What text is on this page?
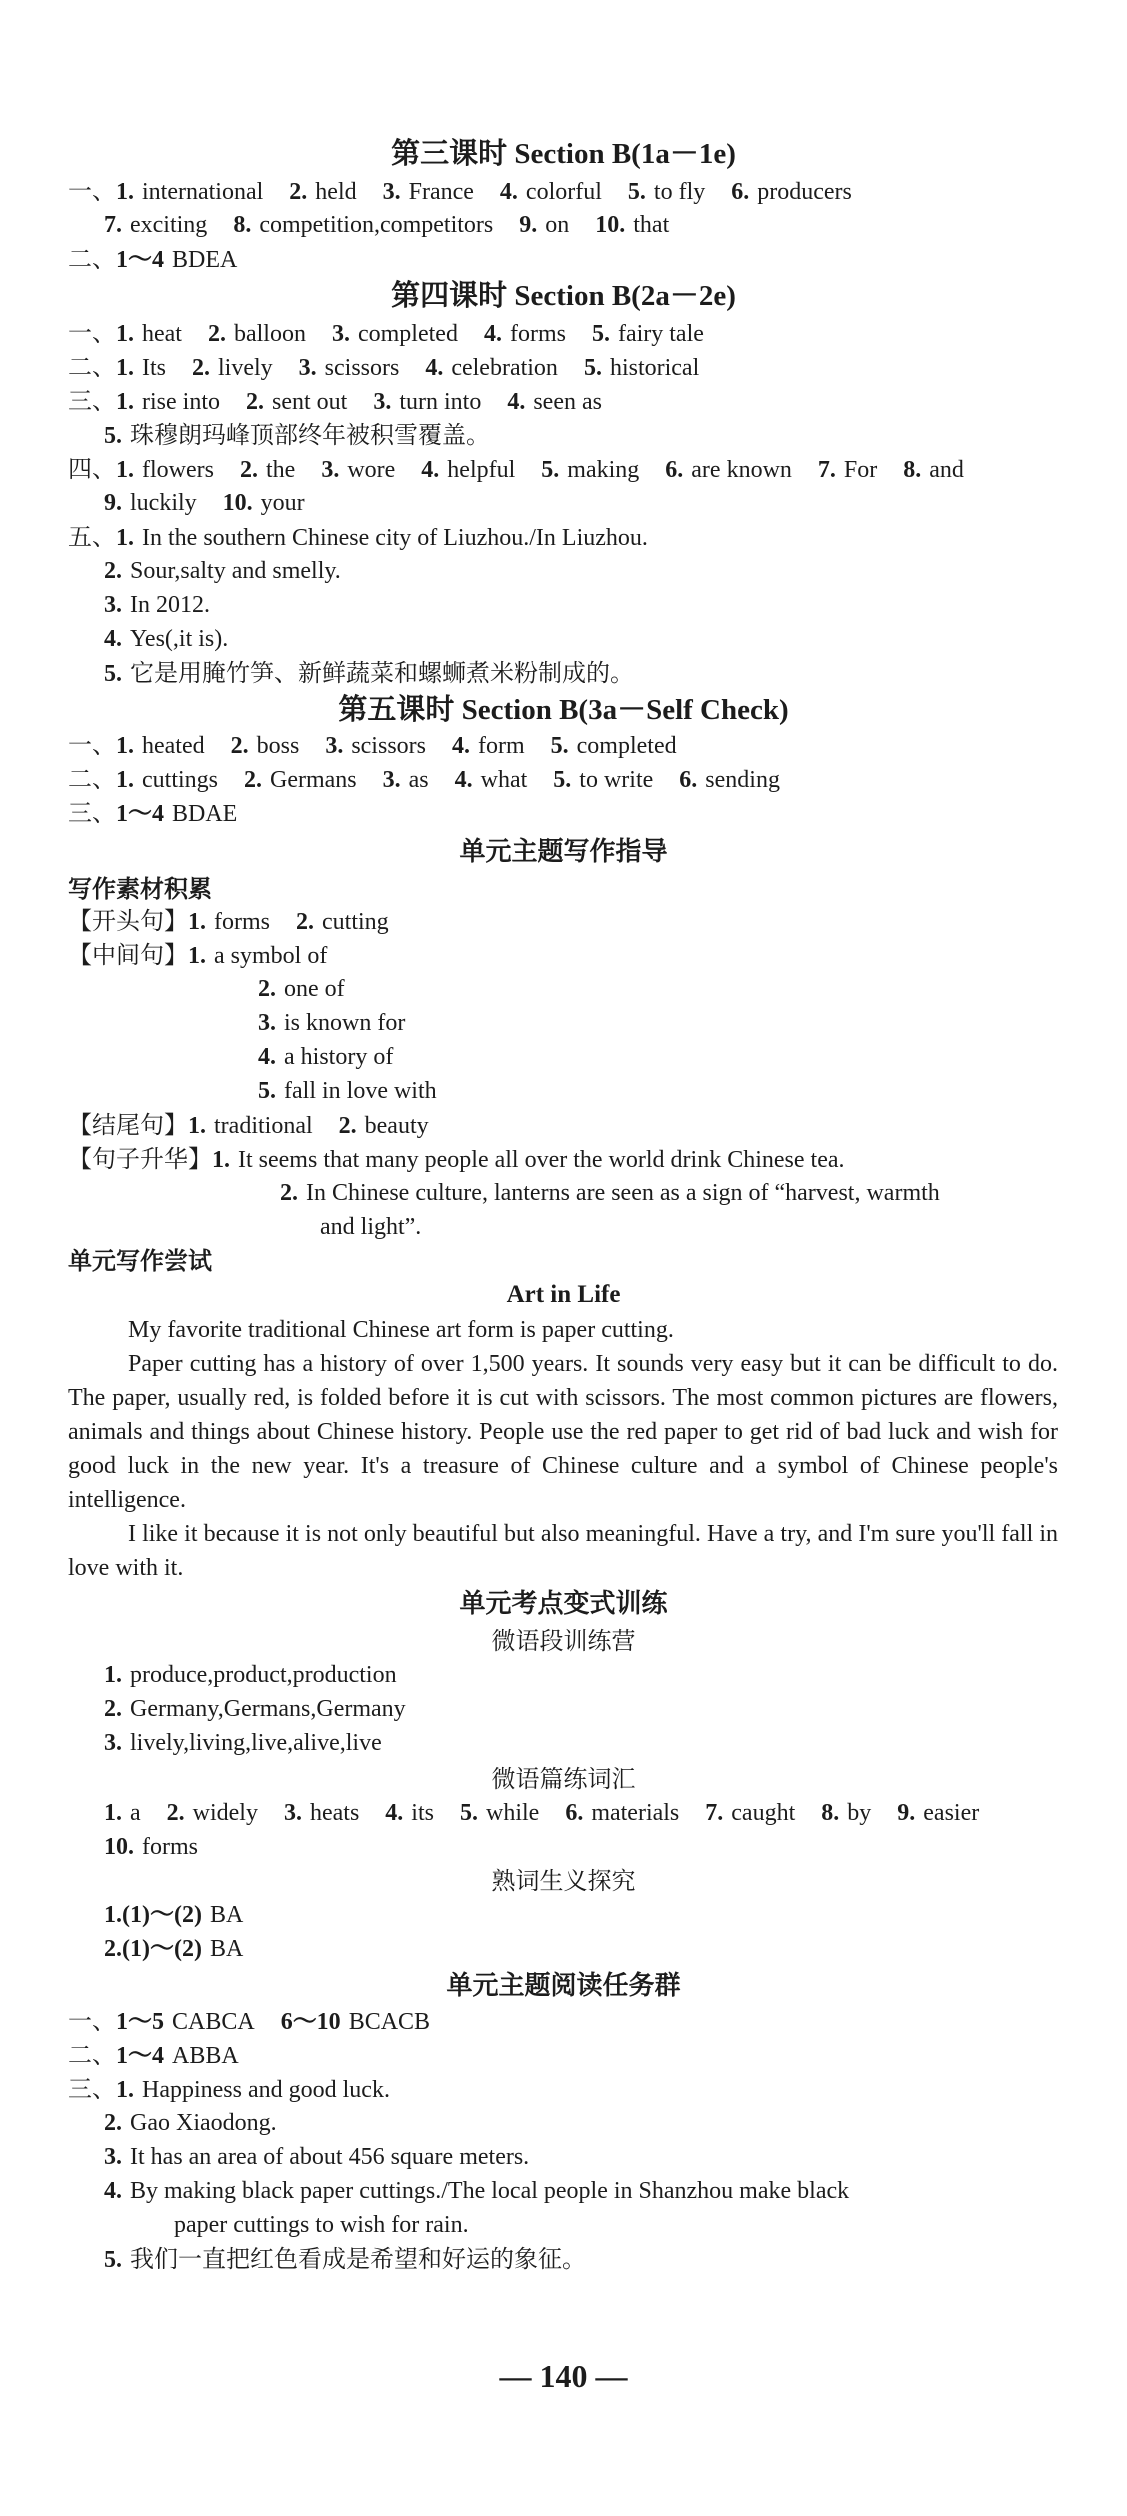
第三课时 Section B(1a－1e)
一、1. international 2. held 3. France 4. colorful 5. to fly 6. producers
7. exciting 8. competition,competitors 9. on 10. that
二、1～4 BDEA
第四课时 Section B(2a－2e)
一、1. heat 2. balloon 3. completed 4. forms 5. fairy tale
二、1. Its 2. lively 3. scissors 4. celebration 5. historical
三、1. rise into 2. sent out 3. turn into 4. seen as
5. 珠穆朗玛峰顶部终年被积雪覆盖。
四、1. flowers 2. the 3. wore 4. helpful 5. making 6. are known 7. For 8. and
9. luckily 10. your
五、1. In the southern Chinese city of Liuzhou./In Liuzhou.
2. Sour,salty and smelly.
3. In 2012.
4. Yes(,it is).
5. 它是用腌竹笋、新鲜蔬菜和螺蛳煮米粉制成的。
第五课时 Section B(3a－Self Check)
一、1. heated 2. boss 3. scissors 4. form 5. completed
二、1. cuttings 2. Germans 3. as 4. what 5. to write 6. sending
三、1～4 BDAE
单元主题写作指导
写作素材积累
【开头句】1. forms 2. cutting
【中间句】1. a symbol of
2. one of
3. is known for
4. a history of
5. fall in love with
【结尾句】1. traditional 2. beauty
【句子升华】1. It seems that many people all over the world drink Chinese tea.
2. In Chinese culture, lanterns are seen as a sign of “harvest, warmth
and light”.
单元写作尝试
Art in Life
My favorite traditional Chinese art form is paper cutting.
Paper cutting has a history of over 1,500 years. It sounds very easy but it can be difficult to do. The paper, usually red, is folded before it is cut with scissors. The most common pictures are flowers, animals and things about Chinese history. People use the red paper to get rid of bad luck and wish for good luck in the new year. It's a treasure of Chinese culture and a symbol of Chinese people's intelligence.
I like it because it is not only beautiful but also meaningful. Have a try, and I'm sure you'll fall in love with it.
单元考点变式训练
微语段训练营
1. produce,product,production
2. Germany,Germans,Germany
3. lively,living,live,alive,live
微语篇练词汇
1. a 2. widely 3. heats 4. its 5. while 6. materials 7. caught 8. by 9. easier
10. forms
熟词生义探究
1.(1)～(2) BA
2.(1)～(2) BA
单元主题阅读任务群
一、1～5 CABCA 6～10 BCACB
二、1～4 ABBA
三、1. Happiness and good luck.
2. Gao Xiaodong.
3. It has an area of about 456 square meters.
4. By making black paper cuttings./The local people in Shanzhou make black
paper cuttings to wish for rain.
5. 我们一直把红色看成是希望和好运的象征。
— 140 —
